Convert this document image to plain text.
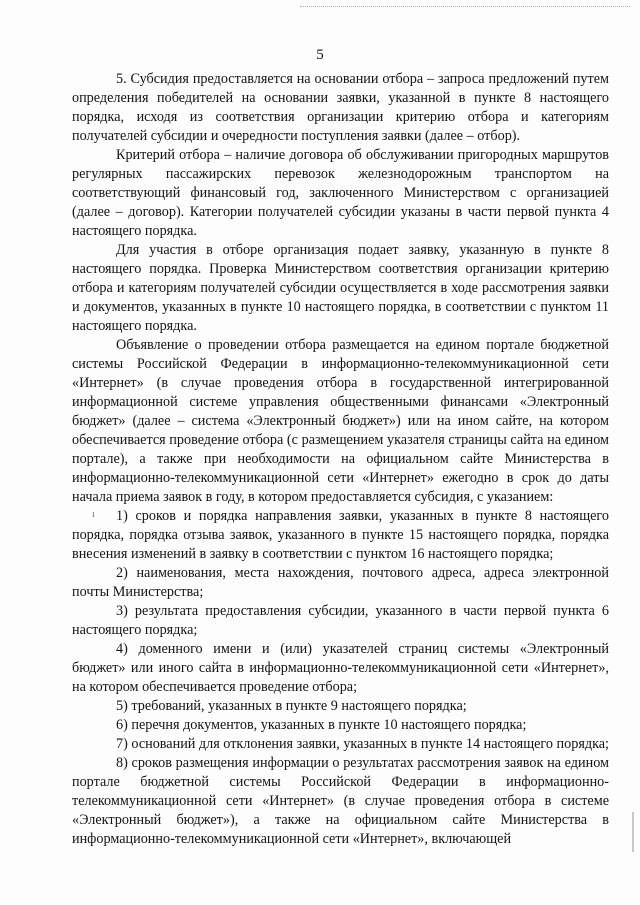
5
ı

5. Субсидия предоставляется на основании отбора – запроса предложений путем определения победителей на основании заявки, указанной в пункте 8 настоящего порядка, исходя из соответствия организации критерию отбора и категориям получателей субсидии и очередности поступления заявки (далее – отбор).

Критерий отбора – наличие договора об обслуживании пригородных маршрутов регулярных пассажирских перевозок железнодорожным транспортом на соответствующий финансовый год, заключенного Министерством с организацией (далее – договор). Категории получателей субсидии указаны в части первой пункта 4 настоящего порядка.

Для участия в отборе организация подает заявку, указанную в пункте 8 настоящего порядка. Проверка Министерством соответствия организации критерию отбора и категориям получателей субсидии осуществляется в ходе рассмотрения заявки и документов, указанных в пункте 10 настоящего порядка, в соответствии с пунктом 11 настоящего порядка.

Объявление о проведении отбора размещается на едином портале бюджетной системы Российской Федерации в информационно-телекоммуникационной сети «Интернет» (в случае проведения отбора в государственной интегрированной информационной системе управления общественными финансами «Электронный бюджет» (далее – система «Электронный бюджет») или на ином сайте, на котором обеспечивается проведение отбора (с размещением указателя страницы сайта на едином портале), а также при необходимости на официальном сайте Министерства в информационно-телекоммуникационной сети «Интернет» ежегодно в срок до даты начала приема заявок в году, в котором предоставляется субсидия, с указанием:

1) сроков и порядка направления заявки, указанных в пункте 8 настоящего порядка, порядка отзыва заявок, указанного в пункте 15 настоящего порядка, порядка внесения изменений в заявку в соответствии с пунктом 16 настоящего порядка;

2) наименования, места нахождения, почтового адреса, адреса электронной почты Министерства;

3) результата предоставления субсидии, указанного в части первой пункта 6 настоящего порядка;

4) доменного имени и (или) указателей страниц системы «Электронный бюджет» или иного сайта в информационно-телекоммуникационной сети «Интернет», на котором обеспечивается проведение отбора;

5) требований, указанных в пункте 9 настоящего порядка;

6) перечня документов, указанных в пункте 10 настоящего порядка;

7) оснований для отклонения заявки, указанных в пункте 14 настоящего порядка;

8) сроков размещения информации о результатах рассмотрения заявок на едином портале бюджетной системы Российской Федерации в информационно-телекоммуникационной сети «Интернет» (в случае проведения отбора в системе «Электронный бюджет»), а также на официальном сайте Министерства в информационно-телекоммуникационной сети «Интернет», включающей
